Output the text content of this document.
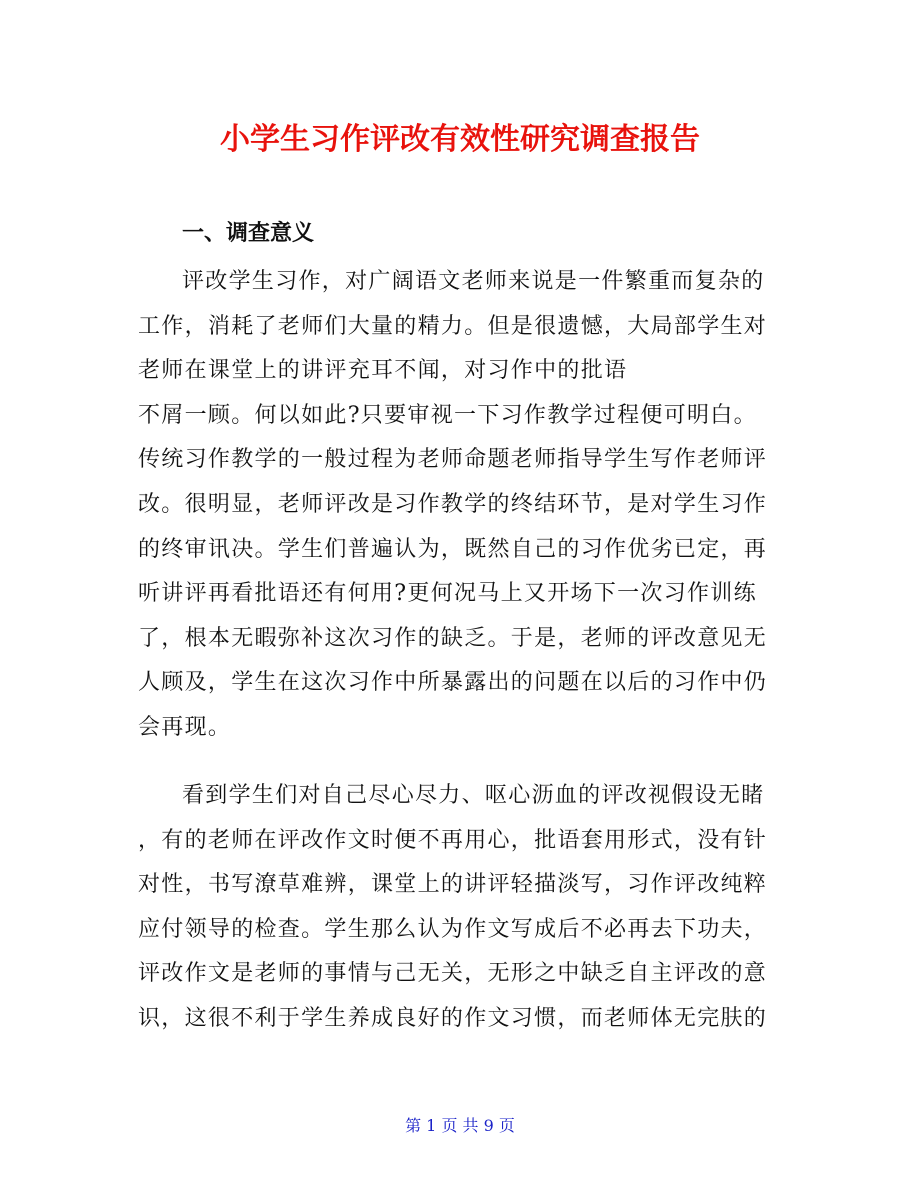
小学生习作评改有效性研究调查报告
一、调查意义
评改学生习作，对广阔语文老师来说是一件繁重而复杂的
工作，消耗了老师们大量的精力。但是很遗憾，大局部学生对
老师在课堂上的讲评充耳不闻，对习作中的批语
不屑一顾。何以如此?只要审视一下习作教学过程便可明白。
传统习作教学的一般过程为老师命题老师指导学生写作老师评
改。很明显，老师评改是习作教学的终结环节，是对学生习作
的终审讯决。学生们普遍认为，既然自己的习作优劣已定，再
听讲评再看批语还有何用?更何况马上又开场下一次习作训练
了，根本无暇弥补这次习作的缺乏。于是，老师的评改意见无
人顾及，学生在这次习作中所暴露出的问题在以后的习作中仍
会再现。
看到学生们对自己尽心尽力、呕心沥血的评改视假设无睹
，有的老师在评改作文时便不再用心，批语套用形式，没有针
对性，书写潦草难辨，课堂上的讲评轻描淡写，习作评改纯粹
应付领导的检查。学生那么认为作文写成后不必再去下功夫，
评改作文是老师的事情与己无关，无形之中缺乏自主评改的意
识，这很不利于学生养成良好的作文习惯，而老师体无完肤的
第 1 页 共 9 页
